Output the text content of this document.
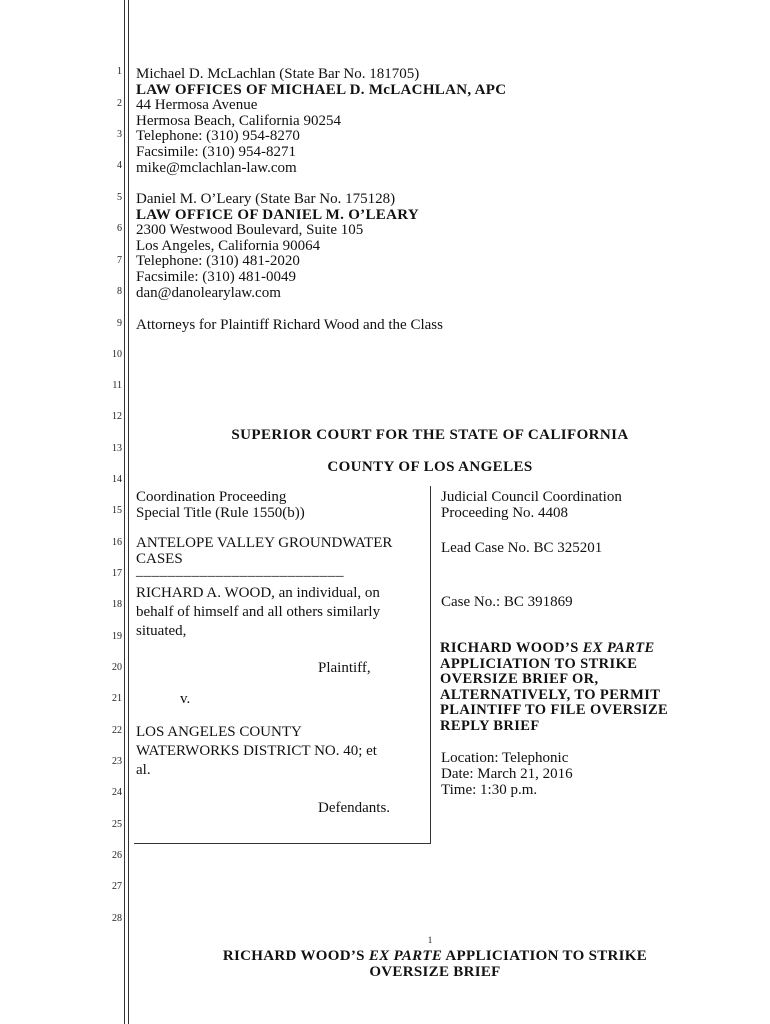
1
2
3
4
5
6
7
8
9
10
11
12
13
14
15
16
17
18
19
20
21
22
23
24
25
26
27
28
Michael D. McLachlan (State Bar No. 181705)
LAW OFFICES OF MICHAEL D. McLACHLAN, APC
44 Hermosa Avenue
Hermosa Beach, California 90254
Telephone: (310) 954-8270
Facsimile: (310) 954-8271
mike@mclachlan-law.com
Daniel M. O’Leary (State Bar No. 175128)
LAW OFFICE OF DANIEL M. O’LEARY
2300 Westwood Boulevard, Suite 105
Los Angeles, California 90064
Telephone: (310) 481-2020
Facsimile: (310) 481-0049
dan@danolearylaw.com
Attorneys for Plaintiff Richard Wood and the Class
SUPERIOR COURT FOR THE STATE OF CALIFORNIA
COUNTY OF LOS ANGELES
Coordination Proceeding
Special Title (Rule 1550(b))
ANTELOPE VALLEY GROUNDWATER
CASES
__________________________
RICHARD A. WOOD, an individual, on
behalf of himself and all others similarly
situated,
Plaintiff,
v.
LOS ANGELES COUNTY
WATERWORKS DISTRICT NO. 40; et
al.
Defendants.
Judicial Council Coordination
Proceeding No. 4408
Lead Case No. BC 325201
Case No.: BC 391869
RICHARD WOOD’S EX PARTE
APPLICIATION TO STRIKE
OVERSIZE BRIEF OR,
ALTERNATIVELY, TO PERMIT
PLAINTIFF TO FILE OVERSIZE
REPLY BRIEF
Location: Telephonic
Date: March 21, 2016
Time: 1:30 p.m.
1
RICHARD WOOD’S EX PARTE APPLICIATION TO STRIKE
OVERSIZE BRIEF
